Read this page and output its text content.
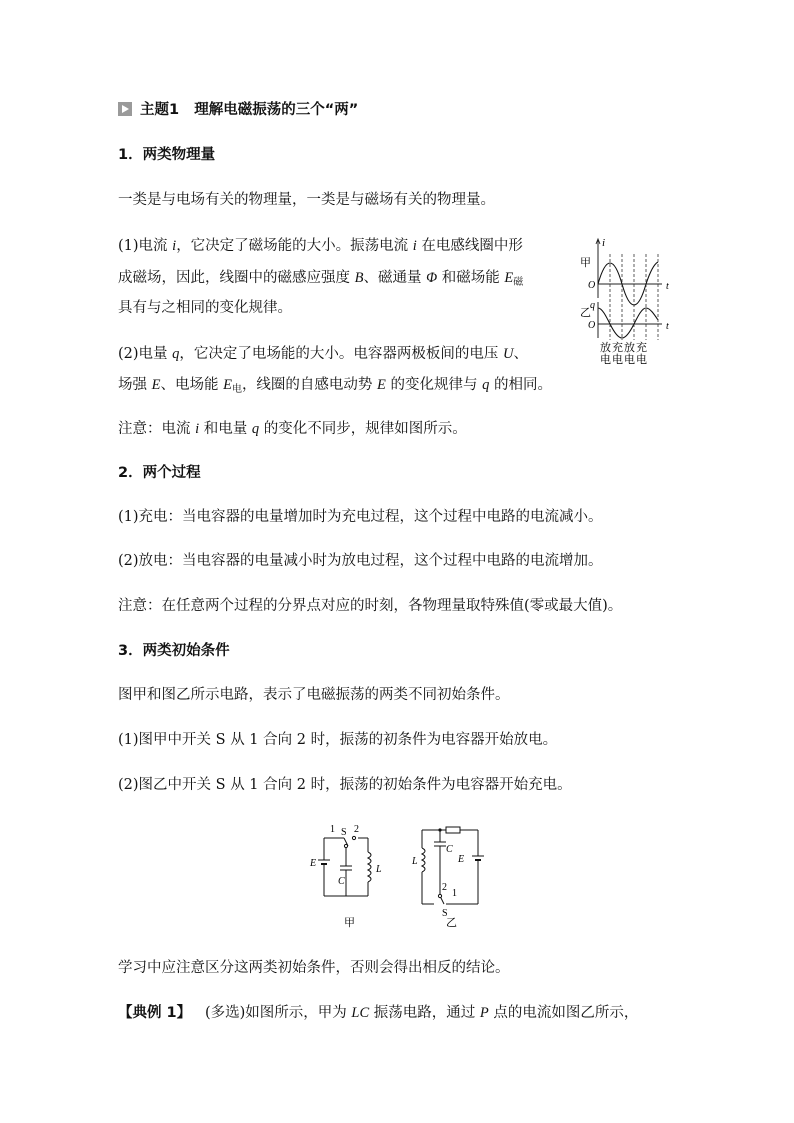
主题1 理解电磁振荡的三个“两”
1．两类物理量
一类是与电场有关的物理量，一类是与磁场有关的物理量。
(1)电流 i，它决定了磁场能的大小。振荡电流 i 在电感线圈中形
成磁场，因此，线圈中的磁感应强度 B、磁通量 Φ 和磁场能 $E_磁$
具有与之相同的变化规律。
(2)电量 q，它决定了电场能的大小。电容器两极板间的电压 U、
场强 E、电场能 $E_电$，线圈的自感电动势 E 的变化规律与 q 的相同。
注意：电流 i 和电量 q 的变化不同步，规律如图所示。
i
甲
O	t
q
乙
O	t
放 充 放 充
电 电 电 电
2．两个过程
(1)充电：当电容器的电量增加时为充电过程，这个过程中电路的电流减小。
(2)放电：当电容器的电量减小时为放电过程，这个过程中电路的电流增加。
注意：在任意两个过程的分界点对应的时刻，各物理量取特殊值(零或最大值)。
3．两类初始条件
图甲和图乙所示电路，表示了电磁振荡的两类不同初始条件。
(1)图甲中开关 S 从 1 合向 2 时，振荡的初条件为电容器开始放电。
(2)图乙中开关 S 从 1 合向 2 时，振荡的初始条件为电容器开始充电。
1 S 2
E
C
L
甲
C
L	E
2
1
S
乙
学习中应注意区分这两类初始条件，否则会得出相反的结论。
【典例 1】 (多选)如图所示，甲为 LC 振荡电路，通过 P 点的电流如图乙所示，
